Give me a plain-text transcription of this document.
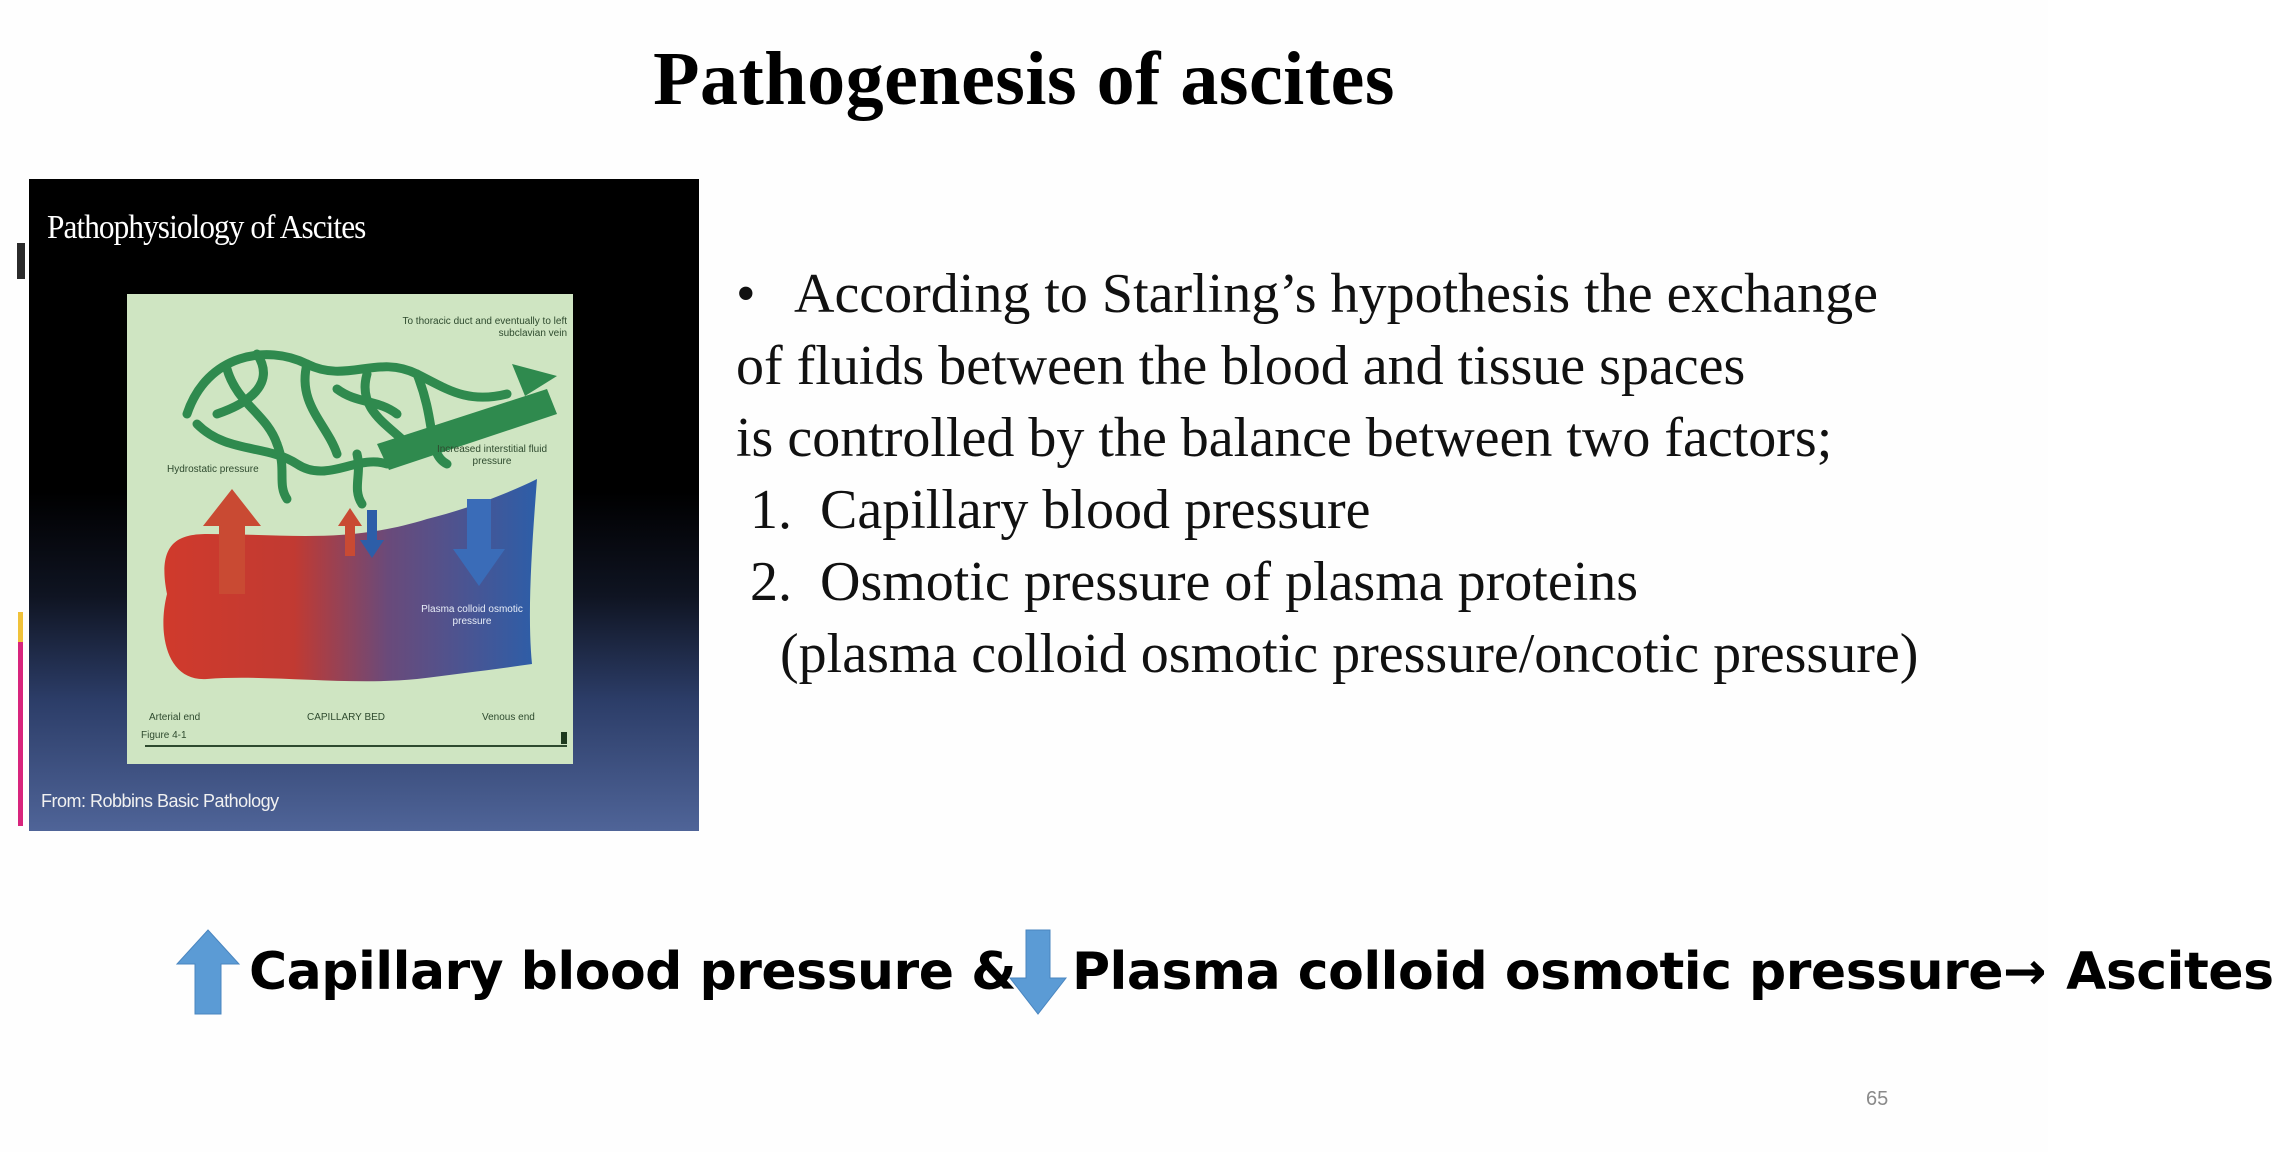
Pathogenesis of ascites
Pathophysiology of Ascites
To thoracic duct and eventually to left subclavian vein
Hydrostatic pressure
Increased interstitial fluid pressure
Plasma colloid osmotic pressure
Arterial end	CAPILLARY BED	Venous end
Figure 4-1
From: Robbins Basic Pathology
• According to Starling’s hypothesis the exchange
of fluids between the blood and tissue spaces
is controlled by the balance between two factors;
1. Capillary blood pressure
2. Osmotic pressure of plasma proteins
(plasma colloid osmotic pressure/oncotic pressure)
Capillary blood pressure & Plasma colloid osmotic pressure→ Ascites
65
